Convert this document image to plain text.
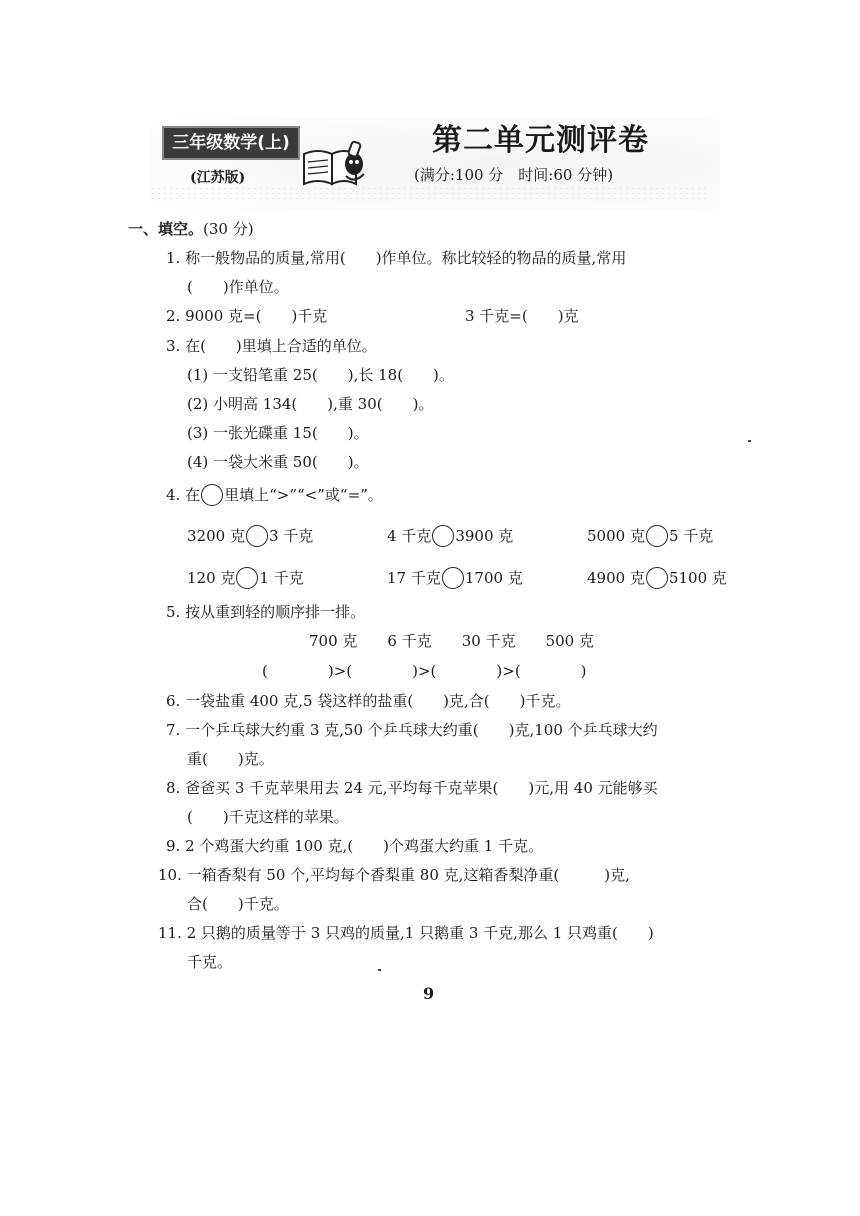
三年级数学(上)
(江苏版)
第二单元测评卷
(满分:100 分　时间:60 分钟)
一、填空。(30 分)
1. 称一般物品的质量,常用(　　)作单位。称比较轻的物品的质量,常用
(　　)作单位。
2. 9000 克=(　　)千克	3 千克=(　　)克
3. 在(　　)里填上合适的单位。
(1) 一支铅笔重 25(　　),长 18(　　)。
(2) 小明高 134(　　),重 30(　　)。
(3) 一张光碟重 15(　　)。
(4) 一袋大米重 50(　　)。
4. 在 里填上“>”“<”或“=”。
3200 克 3 千克	4 千克 3900 克	5000 克 5 千克
120 克 1 千克	17 千克 1700 克	4900 克 5100 克
5. 按从重到轻的顺序排一排。
700 克　　6 千克　　30 千克　　500 克
(　　　　)>(　　　　)>(　　　　)>(　　　　)
6. 一袋盐重 400 克,5 袋这样的盐重(　　)克,合(　　)千克。
7. 一个乒乓球大约重 3 克,50 个乒乓球大约重(　　)克,100 个乒乓球大约
重(　　)克。
8. 爸爸买 3 千克苹果用去 24 元,平均每千克苹果(　　)元,用 40 元能够买
(　　)千克这样的苹果。
9. 2 个鸡蛋大约重 100 克,(　　)个鸡蛋大约重 1 千克。
10. 一箱香梨有 50 个,平均每个香梨重 80 克,这箱香梨净重(　　　)克,
合(　　)千克。
11. 2 只鹅的质量等于 3 只鸡的质量,1 只鹅重 3 千克,那么 1 只鸡重(　　)
千克。
9
